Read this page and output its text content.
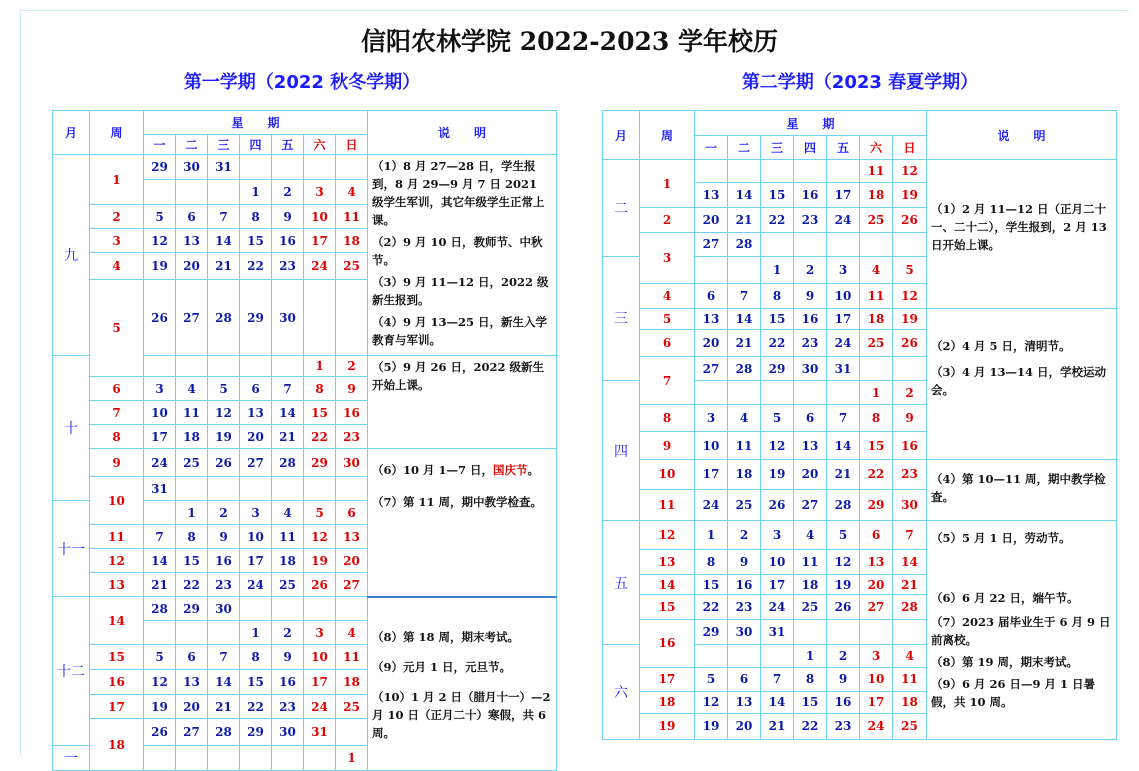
信阳农林学院 2022-2023 学年校历
第一学期（2022 秋冬学期）	第二学期（2023 春夏学期）
月	周	星　　期							说　　明
		一	二	三	四	五	六	日	
九	1	29	30	31					（1）8 月 27—28 日，学生报到，8 月 29—9 月 7 日 2021 级学生军训，其它年级学生正常上课。

（2）9 月 10 日，教师节、中秋节。

（3）9 月 11—12 日，2022 级新生报到。

（4）9 月 13—25 日，新生入学教育与军训。

					1	2	3	4	
	2	5	6	7	8	9	10	11	
	3	12	13	14	15	16	17	18	
	4	19	20	21	22	23	24	25	
	5	26	27	28	29	30			
十							1	2	（5）9 月 26 日，2022 级新生开始上课。

	6	3	4	5	6	7	8	9	
	7	10	11	12	13	14	15	16	
	8	17	18	19	20	21	22	23	
	9	24	25	26	27	28	29	30	（6）10 月 1—7 日，国庆节。

（7）第 11 周，期中教学检查。

	10	31							
十一			1	2	3	4	5	6	
	11	7	8	9	10	11	12	13	
	12	14	15	16	17	18	19	20	
	13	21	22	23	24	25	26	27	
十二	14	28	29	30					（8）第 18 周，期末考试。

（9）元月 1 日，元旦节。

（10）1 月 2 日（腊月十一）—2 月 10 日（正月二十）寒假，共 6 周。

					1	2	3	4	
	15	5	6	7	8	9	10	11	
	16	12	13	14	15	16	17	18	
	17	19	20	21	22	23	24	25	
	18	26	27	28	29	30	31		
一								1	
月	周	星　　期							说　　明
		一	二	三	四	五	六	日	
二	1						11	12	（1）2 月 11—12 日（正月二十一、二十二），学生报到，2 月 13 日开始上课。

		13	14	15	16	17	18	19	
	2	20	21	22	23	24	25	26	
	3	27	28						
三				1	2	3	4	5	
	4	6	7	8	9	10	11	12	
	5	13	14	15	16	17	18	19	（2）4 月 5 日，清明节。

（3）4 月 13—14 日，学校运动会。

	6	20	21	22	23	24	25	26	
	7	27	28	29	30	31			
四							1	2	
	8	3	4	5	6	7	8	9	
	9	10	11	12	13	14	15	16	
	10	17	18	19	20	21	22	23	（4）第 10—11 周，期中教学检查。

	11	24	25	26	27	28	29	30	
五	12	1	2	3	4	5	6	7	（5）5 月 1 日，劳动节。

（6）6 月 22 日，端午节。

（7）2023 届毕业生于 6 月 9 日前离校。

（8）第 19 周，期末考试。

（9）6 月 26 日—9 月 1 日暑假，共 10 周。

	13	8	9	10	11	12	13	14	
	14	15	16	17	18	19	20	21	
	15	22	23	24	25	26	27	28	
	16	29	30	31					
六					1	2	3	4	
	17	5	6	7	8	9	10	11	
	18	12	13	14	15	16	17	18	
	19	19	20	21	22	23	24	25	
